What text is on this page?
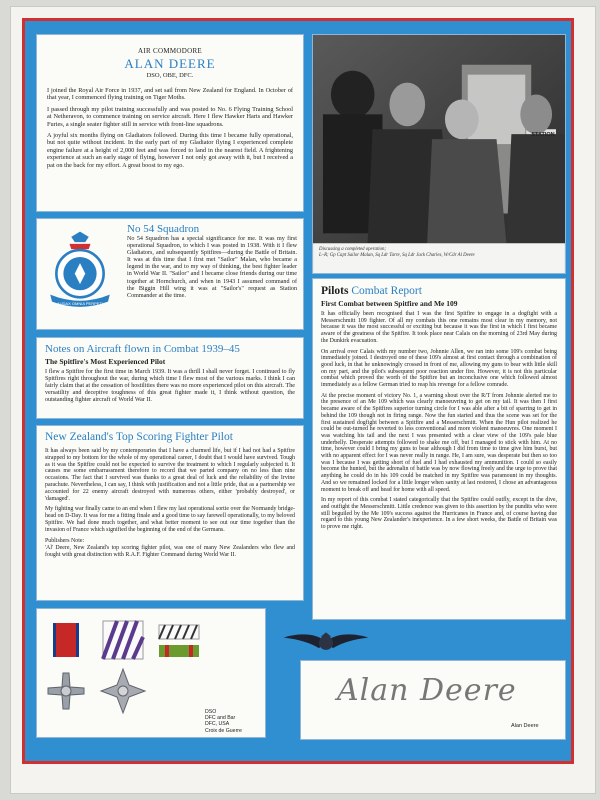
AIR COMMODORE
ALAN DEERE
DSO, OBE, DFC.

I joined the Royal Air Force in 1937, and set sail from New Zealand for England. In October of that year, I commenced flying training on Tiger Moths.

I passed through my pilot training successfully and was posted to No. 6 Flying Training School at Netheravon, to commence training on service aircraft. Here I flew Hawker Harts and Hawker Furies, a single seater fighter still in service with front-line squadrons.

A joyful six months flying on Gladiators followed. During this time I became fully operational, but not quite without incident. In the early part of my Gladiator flying I experienced complete engine failure at a height of 2,000 feet and was forced to land in the nearest field. A frightening experience at such an early stage of flying, however I not only got away with it, but I received a pat on the back for my effort. A great boost to my ego.

STATION
Discussing a completed operation;
L–R; Gp Capt Sailor Malan, Sq Ldr Tarre, Sq Ldr Jack Charles, W/Cdr Al Deere
AUDAX OMNIA PERPETI
No 54 Squadron

No 54 Squadron has a special significance for me. It was my first operational Squadron, to which I was posted in 1938. With it I flew Gladiators, and subsequently Spitfires—during the Battle of Britain. It was at this time that I first met "Sailor" Malan, who became a legend in the war, and to my way of thinking, the best fighter leader in World War II. "Sailor" and I became close friends during our time together at Hornchurch, and when in 1943 I assumed command of the Biggin Hill wing it was at "Sailor's" request as Station Commander at the time.

Notes on Aircraft flown in Combat 1939–45
The Spitfire's Most Experienced Pilot

I flew a Spitfire for the first time in March 1939. It was a thrill I shall never forget. I continued to fly Spitfires right throughout the war, during which time I flew most of the various marks. I think I can fairly claim that at the cessation of hostilities there was no more experienced pilot on this aircraft. The versatility and deceptive toughness of this great fighter made it, I think without question, the outstanding fighter aircraft of World War II.

New Zealand's Top Scoring Fighter Pilot

It has always been said by my contemporaries that I have a charmed life, but if I had not had a Spitfire strapped to my bottom for the whole of my operational career, I doubt that I would have survived. Tough as it was the Spitfire could not be expected to survive the treatment to which I regularly subjected it. It causes me some embarrassment therefore to record that we parted company on no less than nine occasions. The fact that I survived was thanks to a great deal of luck and the reliability of the Irvine parachute. Nevertheless, I can say, I think with justification and not a little pride, that as a partnership we accounted for 22 enemy aircraft destroyed with numerous others, either 'probably destroyed', or 'damaged'.

My fighting war finally came to an end when I flew my last operational sortie over the Normandy bridge-head on D-Day. It was for me a fitting finale and a good time to say farewell operationally, to my beloved Spitfire. We had done much together, and what better moment to see out our time together than the invasion of France which signified the beginning of the end of the Germans.

Publishers Note:

'Al' Deere, New Zealand's top scoring fighter pilot, was one of many New Zealanders who flew and fought with great distinction with R.A.F. Fighter Command during World War II.

Pilots Combat Report
First Combat between Spitfire and Me 109

It has officially been recognised that I was the first Spitfire to engage in a dogfight with a Messerschmitt 109 fighter. Of all my combats this one remains most clear in my memory, not because it was the most successful or exciting but because it was the first in which I first became aware of the greatness of the Spitfire. It took place near Calais on the morning of 23rd May during the Dunkirk evacuation.

On arrival over Calais with my number two, Johnnie Allen, we ran into some 109's combat being immediately joined. I destroyed one of these 109's almost at first contact through a combination of good luck, in that he unknowingly crossed in front of me, allowing my guns to bear with little skill on my part, and the pilot's subsequent poor reaction under fire. However, it is not this particular combat which proved the worth of the Spitfire but an inconclusive one which followed almost immediately as a fellow German tried to reap his revenge for a fellow comrade.

At the precise moment of victory No. 1, a warning shout over the R/T from Johnnie alerted me to the presence of an Me 109 which was clearly manoeuvring to get on my tail. It was then I first became aware of the Spitfires superior turning circle for I was able after a bit of sparring to get in behind the 109 though not in firing range. Now the fun started and thus the scene was set for the first sustained dogfight between a Spitfire and a Messerschmitt. When the Hun pilot realized he could be out-turned he reverted to less conventional and more violent manoeuvres. One moment I was watching his tail and the next I was presented with a clear view of the 109's pale blue underbelly. Desperate attempts followed to shake me off, but I managed to stick with him. At no time, however could I bring my guns to bear although I did from time to time give him burst, but with no apparent effect for I was never really in range. He, I am sure, was desperate but then so too was I because I was getting short of fuel and I had exhausted my ammunition. I could so easily become the hunted, but the adrenalin of battle was by now flowing freely and the urge to prove that anything he could do in his 109 could be matched in my Spitfire was paramount in my thoughts. And so we remained locked for a little longer when sanity at last restored, I chose an advantageous moment to break off and head for home with all speed.

In my report of this combat I stated categorically that the Spitfire could outfly, except in the dive, and outfight the Messerschmitt. Little credence was given to this assertion by the pundits who were still beguiled by the Me 109's success against the Hurricanes in France and, of course having due regard to this young New Zealander's inexperience. In a few short weeks, the Battle of Britain was to prove me right.

DSO
DFC and Bar
DFC, USA
Croix de Guerre
Alan Deere
Alan Deere
